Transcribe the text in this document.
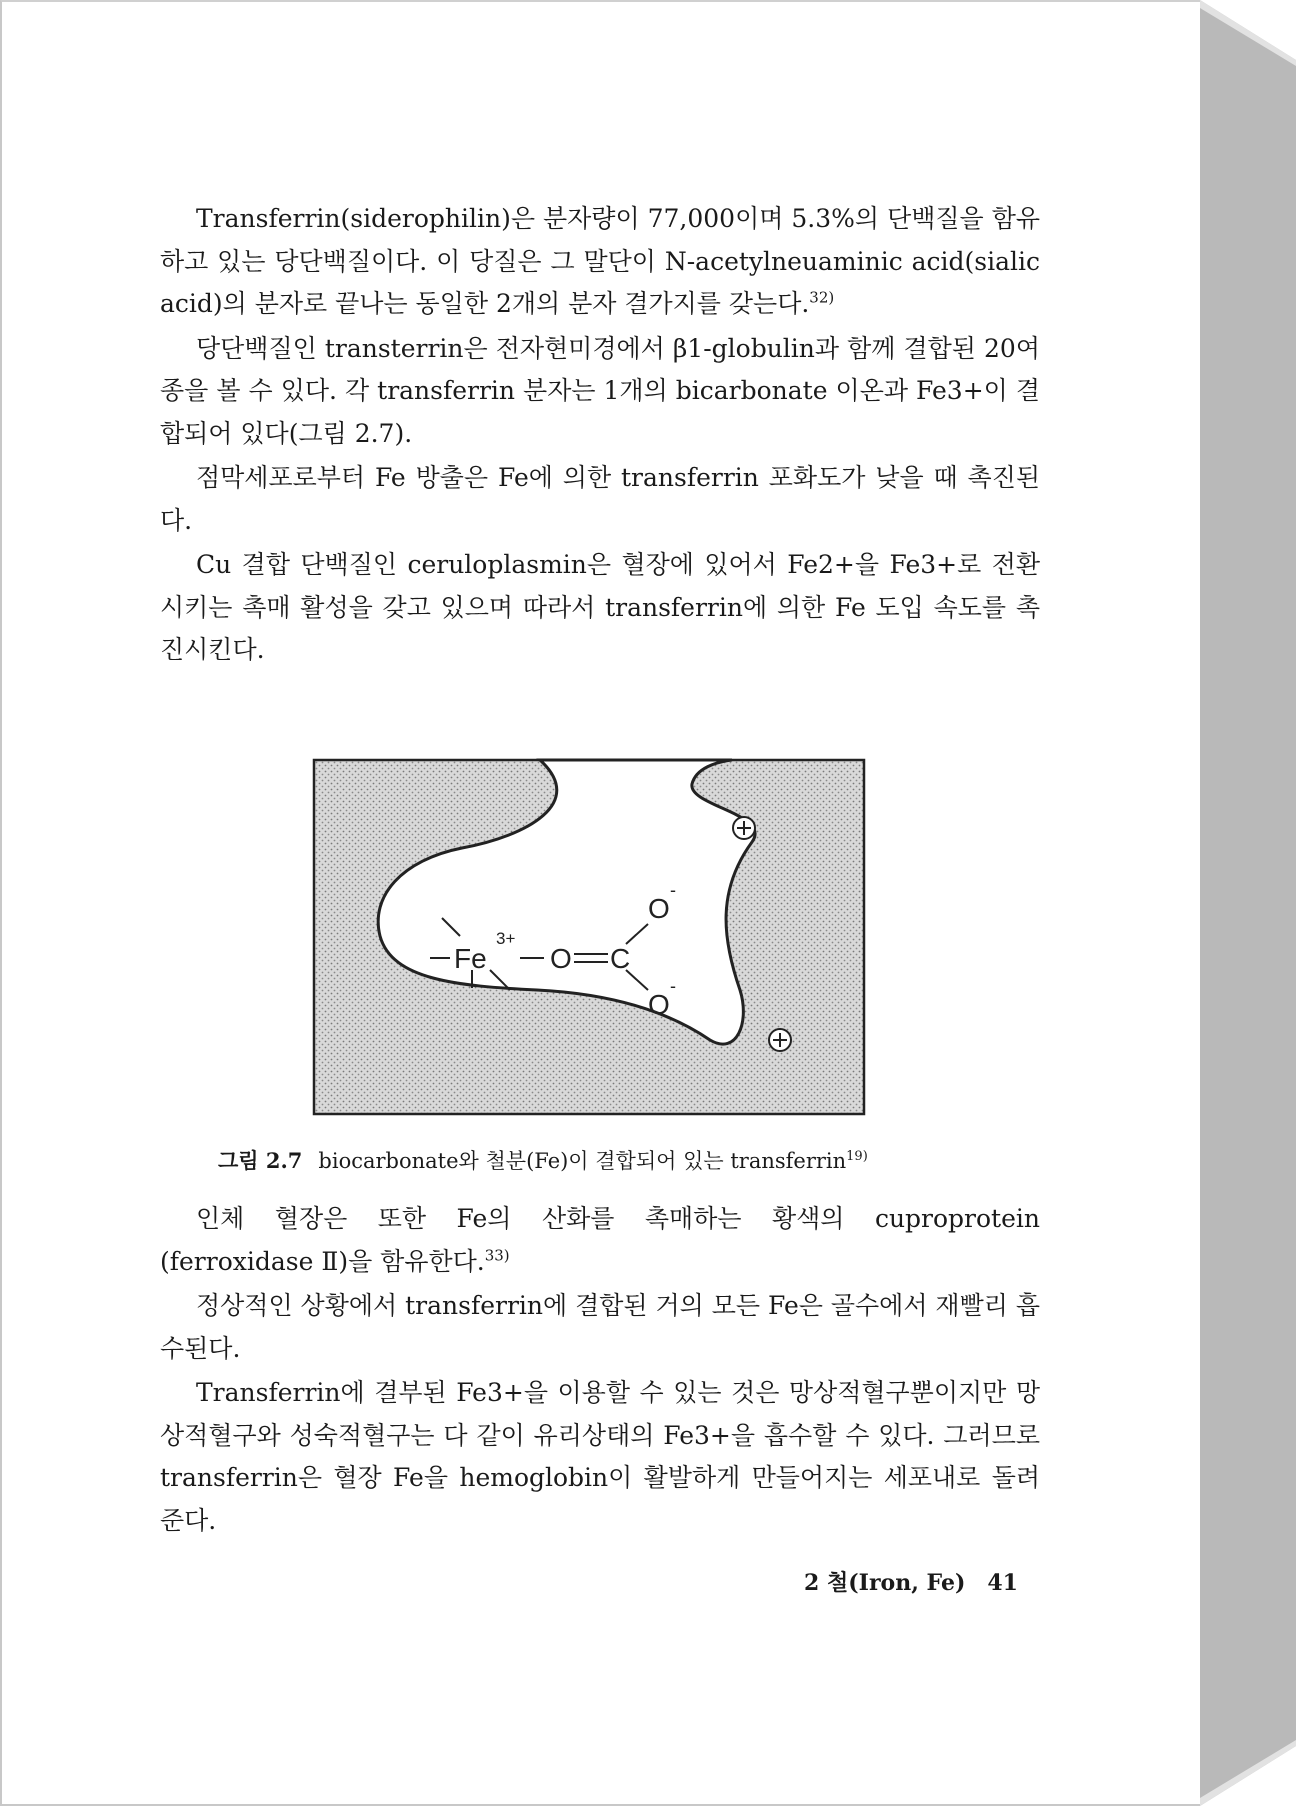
Transferrin(siderophilin)은 분자량이 77,000이며 5.3%의 단백질을 함유하고 있는 당단백질이다. 이 당질은 그 말단이 N-acetylneuaminic acid(sialic acid)의 분자로 끝나는 동일한 2개의 분자 결가지를 갖는다.$^{32)}$

당단백질인 transterrin은 전자현미경에서 β1-globulin과 함께 결합된 20여종을 볼 수 있다. 각 transferrin 분자는 1개의 bicarbonate 이온과 Fe3+이 결합되어 있다(그림 2.7).

점막세포로부터 Fe 방출은 Fe에 의한 transferrin 포화도가 낮을 때 촉진된다.

Cu 결합 단백질인 ceruloplasmin은 혈장에 있어서 Fe2+을 Fe3+로 전환시키는 촉매 활성을 갖고 있으며 따라서 transferrin에 의한 Fe 도입 속도를 촉진시킨다.

Fe
3+
O C
O
-
O
-
그림 2.7 biocarbonate와 철분(Fe)이 결합되어 있는 transferrin$^{19)}$

인체 혈장은 또한 Fe의 산화를 촉매하는 황색의 cuproprotein (ferroxidase Ⅱ)을 함유한다.$^{33)}$

정상적인 상황에서 transferrin에 결합된 거의 모든 Fe은 골수에서 재빨리 흡수된다.

Transferrin에 결부된 Fe3+을 이용할 수 있는 것은 망상적혈구뿐이지만 망상적혈구와 성숙적혈구는 다 같이 유리상태의 Fe3+을 흡수할 수 있다. 그러므로 transferrin은 혈장 Fe을 hemoglobin이 활발하게 만들어지는 세포내로 돌려준다.

2 철(Iron, Fe) 41
